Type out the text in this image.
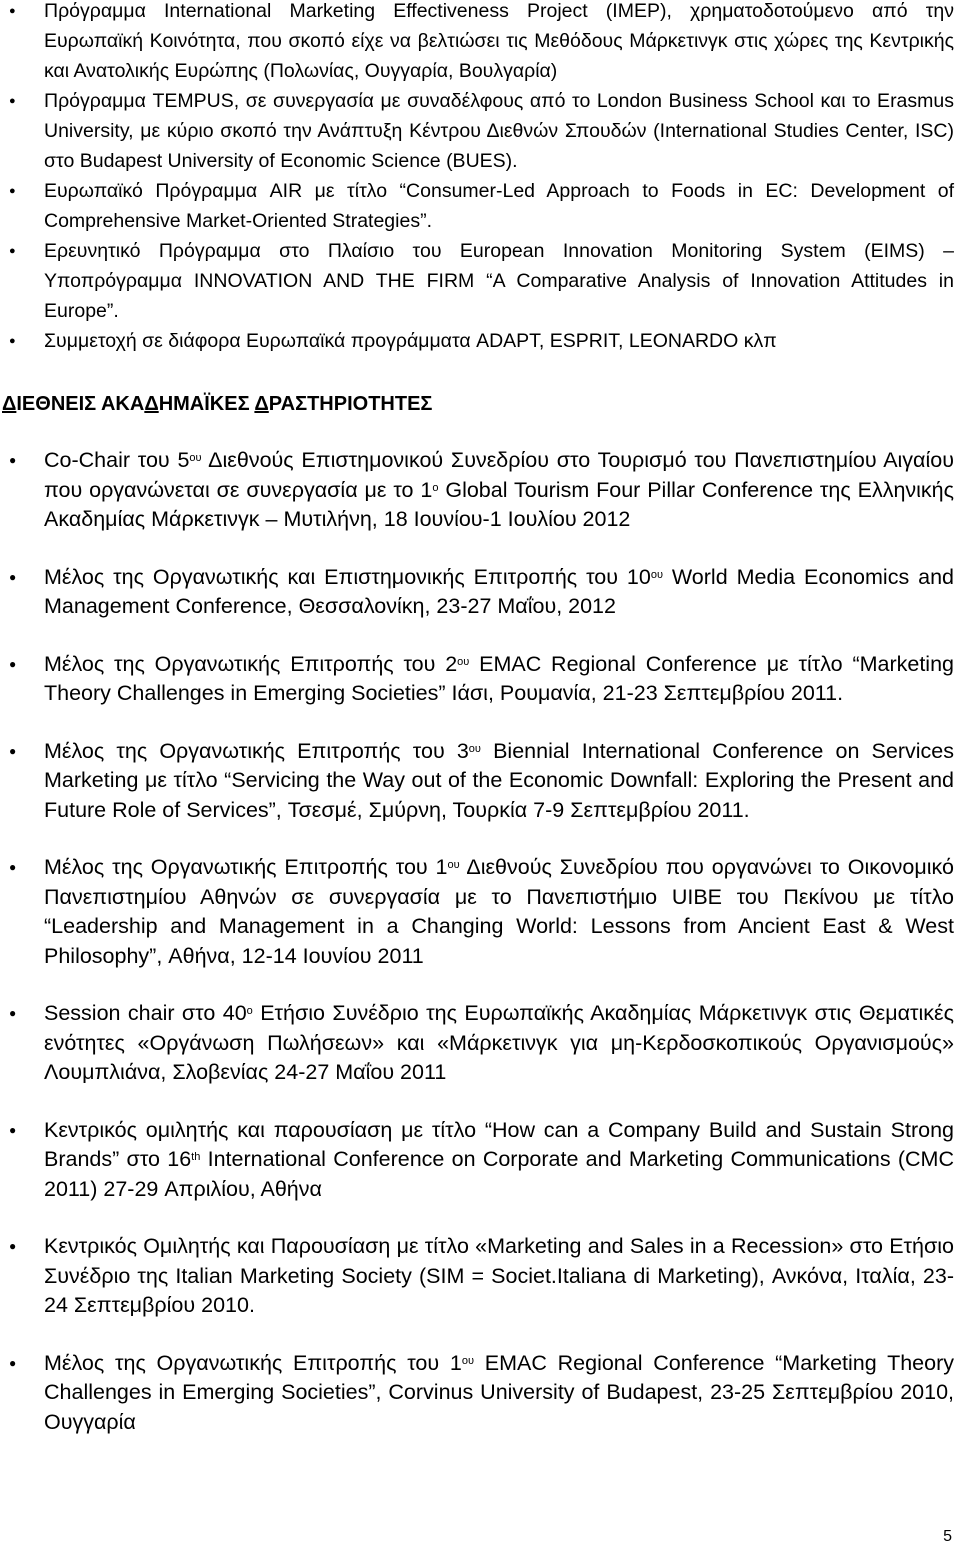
● Πρόγραμμα International Marketing Effectiveness Project (IMEP), χρηματοδοτούμενο από την Ευρωπαϊκή Κοινότητα, που σκοπό είχε να βελτιώσει τις Μεθόδους Μάρκετινγκ στις χώρες της Κεντρικής και Ανατολικής Ευρώπης (Πολωνίας, Ουγγαρία, Βουλγαρία)
● Πρόγραμμα TEMPUS, σε συνεργασία με συναδέλφους από το London Business School και το Erasmus University, με κύριο σκοπό την Ανάπτυξη Κέντρου Διεθνών Σπουδών (International Studies Center, ISC) στο Budapest University of Economic Science (BUES).
● Ευρωπαϊκό Πρόγραμμα AIR με τίτλο “Consumer-Led Approach to Foods in EC: Development of Comprehensive Market-Oriented Strategies”.
● Ερευνητικό Πρόγραμμα στο Πλαίσιο του European Innovation Monitoring System (EIMS) – Υποπρόγραμμα INNOVATION AND THE FIRM “A Comparative Analysis of Innovation Attitudes in Europe”.
● Συμμετοχή σε διάφορα Ευρωπαϊκά προγράμματα ADAPT, ESPRIT, LEONARDO κλπ
ΔΙΕΘΝΕΙΣ ΑΚΑΔΗΜΑΪΚΕΣ ΔΡΑΣΤΗΡΙΟΤΗΤΕΣ
● Co-Chair του $5^{o\upsilon}$ Διεθνούς Επιστημονικού Συνεδρίου στο Τουρισμό του Πανεπιστημίου Αιγαίου που οργανώνεται σε συνεργασία με το $1^o$ Global Tourism Four Pillar Conference της Ελληνικής Ακαδημίας Μάρκετινγκ – Μυτιλήνη, 18 Ιουνίου-1 Ιουλίου 2012
● Μέλος της Οργανωτικής και Επιστημονικής Επιτροπής του $10^{o\upsilon}$ World Media Economics and Management Conference, Θεσσαλονίκη, 23-27 Μαΐου, 2012
● Μέλος της Οργανωτικής Επιτροπής του $2^{o\upsilon}$ EMAC Regional Conference με τίτλο “Marketing Theory Challenges in Emerging Societies” Ιάσι, Ρουμανία, 21-23 Σεπτεμβρίου 2011.
● Μέλος της Οργανωτικής Επιτροπής του $3^{o\upsilon}$ Biennial International Conference on Services Marketing με τίτλο “Servicing the Way out of the Economic Downfall: Exploring the Present and Future Role of Services”, Τσεσμέ, Σμύρνη, Τουρκία 7-9 Σεπτεμβρίου 2011.
● Μέλος της Οργανωτικής Επιτροπής του $1^{o\upsilon}$ Διεθνούς Συνεδρίου που οργανώνει το Οικονομικό Πανεπιστημίου Αθηνών σε συνεργασία με το Πανεπιστήμιο UIBE του Πεκίνου με τίτλο “Leadership and Management in a Changing World: Lessons from Ancient East & West Philosophy”, Αθήνα, 12-14 Ιουνίου 2011
● Session chair στο $40^o$ Ετήσιο Συνέδριο της Ευρωπαϊκής Ακαδημίας Μάρκετινγκ στις Θεματικές ενότητες «Οργάνωση Πωλήσεων» και «Μάρκετινγκ για μη-Κερδοσκοπικούς Οργανισμούς» Λουμπλιάνα, Σλοβενίας 24-27 Μαΐου 2011
● Κεντρικός ομιλητής και παρουσίαση με τίτλο “How can a Company Build and Sustain Strong Brands” στο 16th International Conference on Corporate and Marketing Communications (CMC 2011) 27-29 Απριλίου, Αθήνα
● Κεντρικός Ομιλητής και Παρουσίαση με τίτλο «Marketing and Sales in a Recession» στο Ετήσιο Συνέδριο της Italian Marketing Society (SIM = Societ.Italiana di Marketing), Ανκόνα, Ιταλία, 23-24 Σεπτεμβρίου 2010.
● Μέλος της Οργανωτικής Επιτροπής του $1^{o\upsilon}$ EMAC Regional Conference “Marketing Theory Challenges in Emerging Societies”, Corvinus University of Budapest, 23-25 Σεπτεμβρίου 2010, Ουγγαρία
5
